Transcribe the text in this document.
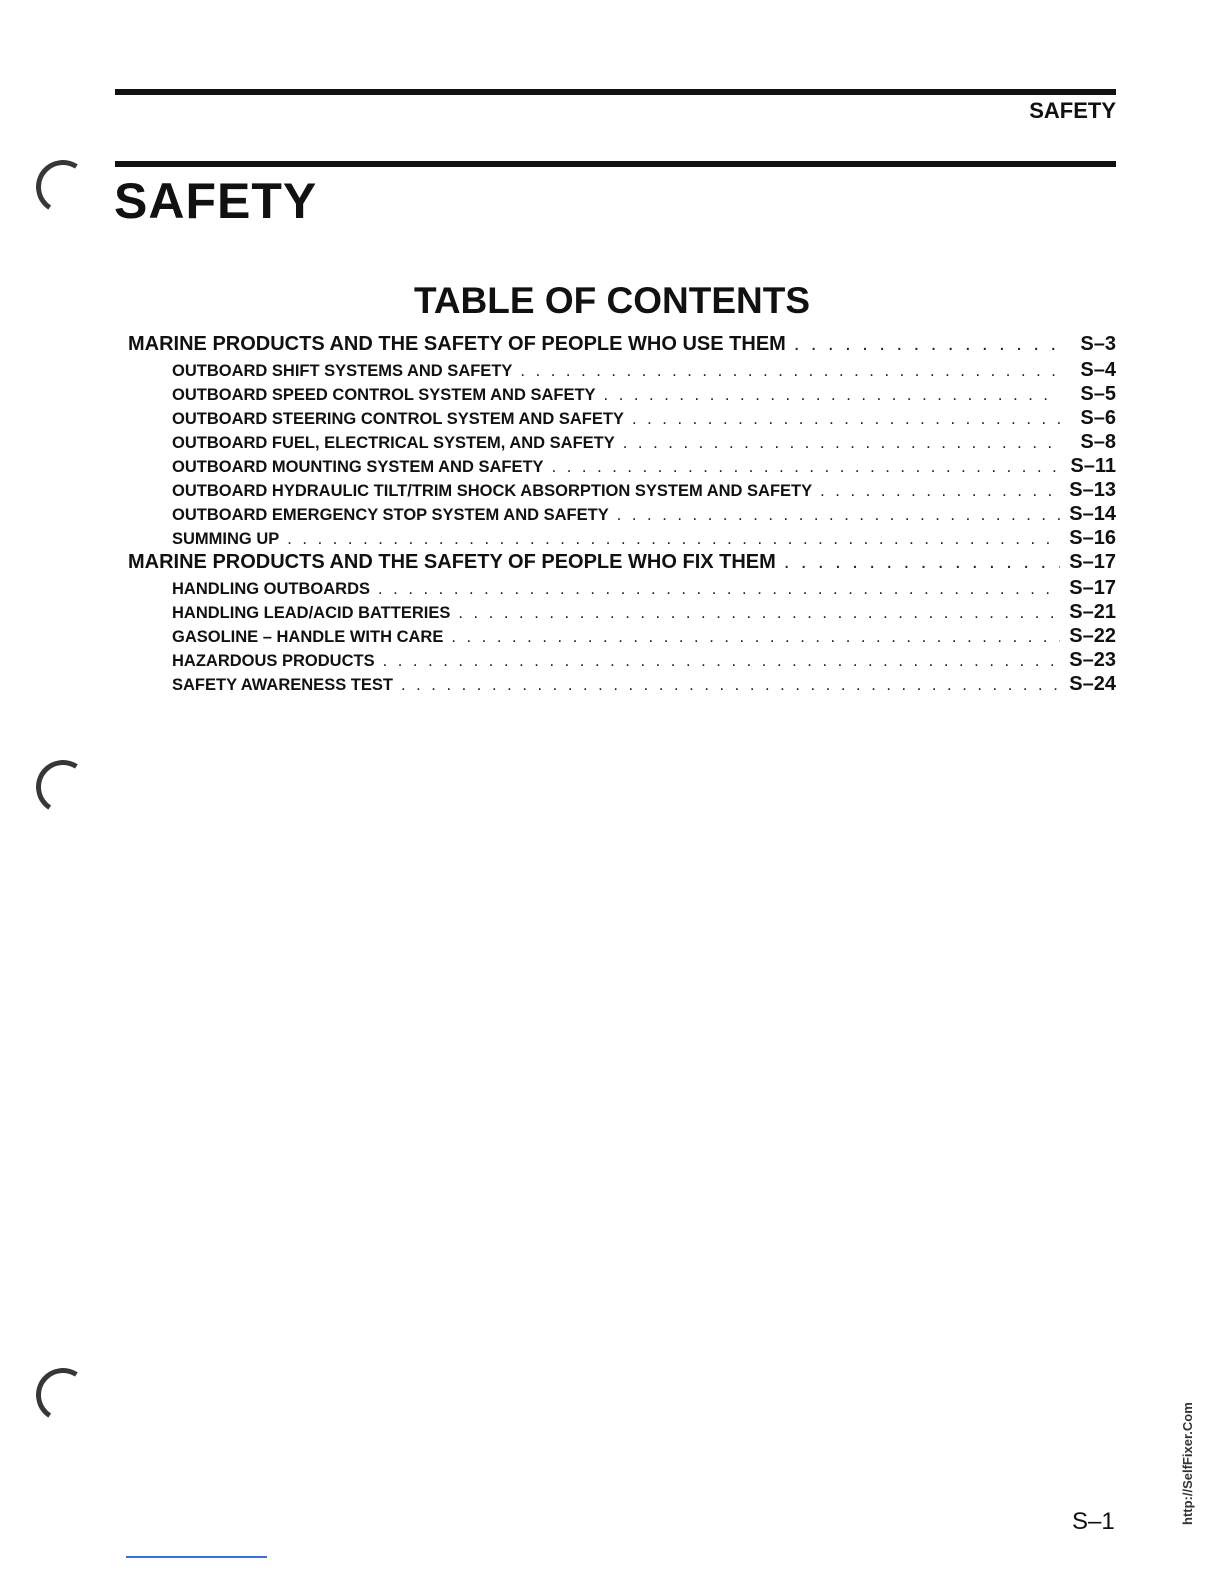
SAFETY
SAFETY
TABLE OF CONTENTS
MARINE PRODUCTS AND THE SAFETY OF PEOPLE WHO USE THEM . . .	S–3
OUTBOARD SHIFT SYSTEMS AND SAFETY . . .	S–4
OUTBOARD SPEED CONTROL SYSTEM AND SAFETY . . .	S–5
OUTBOARD STEERING CONTROL SYSTEM AND SAFETY . . .	S–6
OUTBOARD FUEL, ELECTRICAL SYSTEM, AND SAFETY . . .	S–8
OUTBOARD MOUNTING SYSTEM AND SAFETY . . .	S–11
OUTBOARD HYDRAULIC TILT/TRIM SHOCK ABSORPTION SYSTEM AND SAFETY . . .	S–13
OUTBOARD EMERGENCY STOP SYSTEM AND SAFETY . . .	S–14
SUMMING UP . . .	S–16
MARINE PRODUCTS AND THE SAFETY OF PEOPLE WHO FIX THEM . . .	S–17
HANDLING OUTBOARDS . . .	S–17
HANDLING LEAD/ACID BATTERIES . . .	S–21
GASOLINE – HANDLE WITH CARE . . .	S–22
HAZARDOUS PRODUCTS . . .	S–23
SAFETY AWARENESS TEST . . .	S–24
S–1	http://SelfFixer.Com
